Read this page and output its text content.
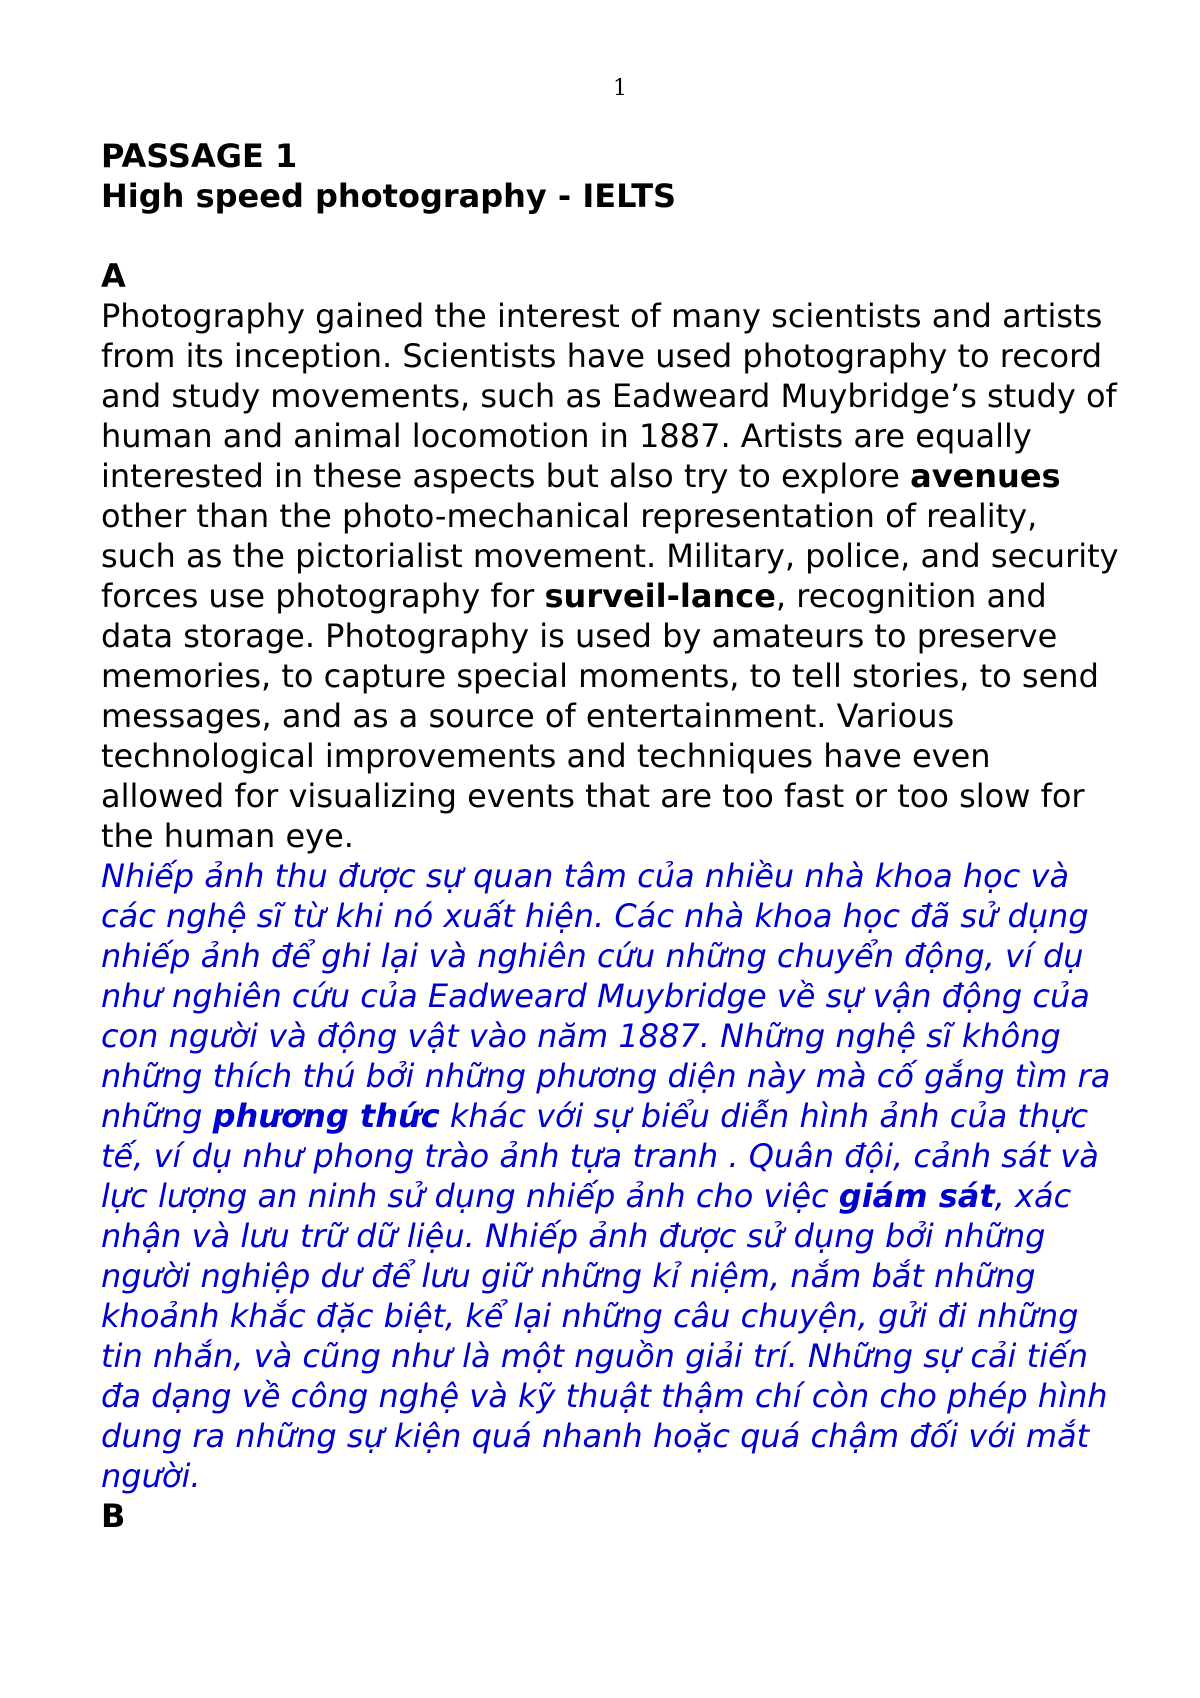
1

PASSAGE 1

High speed photography - IELTS

A

Photography gained the interest of many scientists and artists from its inception. Scientists have used photography to record and study movements, such as Eadweard Muybridge’s study of human and animal locomotion in 1887. Artists are equally interested in these aspects but also try to explore avenues other than the photo-mechanical representation of reality, such as the pictorialist movement. Military, police, and security forces use photography for surveil-lance, recognition and data storage. Photography is used by amateurs to preserve memories, to capture special moments, to tell stories, to send messages, and as a source of entertainment. Various technological improvements and techniques have even allowed for visualizing events that are too fast or too slow for the human eye.

Nhiếp ảnh thu được sự quan tâm của nhiều nhà khoa học và các nghệ sĩ từ khi nó xuất hiện. Các nhà khoa học đã sử dụng nhiếp ảnh để ghi lại và nghiên cứu những chuyển động, ví dụ như nghiên cứu của Eadweard Muybridge về sự vận động của con người và động vật vào năm 1887. Những nghệ sĩ không những thích thú bởi những phương diện này mà cố gắng tìm ra những phương thức khác với sự biểu diễn hình ảnh của thực tế, ví dụ như phong trào ảnh tựa tranh . Quân đội, cảnh sát và lực lượng an ninh sử dụng nhiếp ảnh cho việc giám sát, xác nhận và lưu trữ dữ liệu. Nhiếp ảnh được sử dụng bởi những người nghiệp dư để lưu giữ những kỉ niệm, nắm bắt những khoảnh khắc đặc biệt, kể lại những câu chuyện, gửi đi những tin nhắn, và cũng như là một nguồn giải trí. Những sự cải tiến đa dạng về công nghệ và kỹ thuật thậm chí còn cho phép hình dung ra những sự kiện quá nhanh hoặc quá chậm đối với mắt người.

B
